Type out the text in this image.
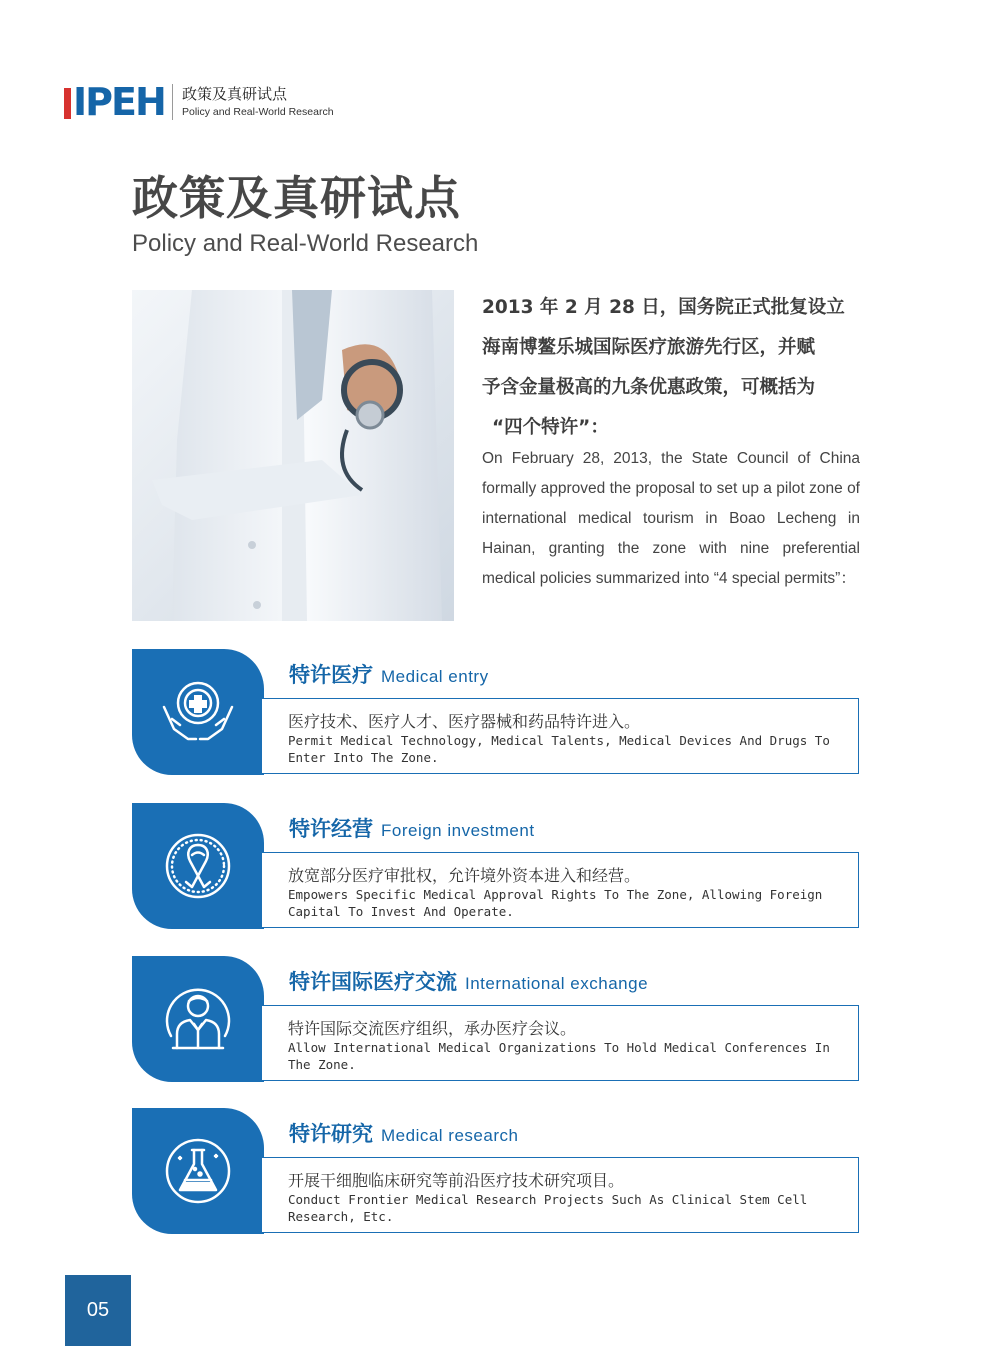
IPEH 政策及真研试点
Policy and Real-World Research
政策及真研试点
Policy and Real-World Research
2013 年 2 月 28 日，国务院正式批复设立
海南博鳌乐城国际医疗旅游先行区，并赋
予含金量极高的九条优惠政策，可概括为
“四个特许”：
On February 28, 2013, the State Council of China formally approved the proposal to set up a pilot zone of international medical tourism in Boao Lecheng in Hainan, granting the zone with nine preferential medical policies summarized into “4 special permits”：
特许医疗 Medical entry
医疗技术、医疗人才、医疗器械和药品特许进入。
Permit Medical Technology, Medical Talents, Medical Devices And Drugs To Enter Into The Zone.
特许经营 Foreign investment
放宽部分医疗审批权，允许境外资本进入和经营。
Empowers Specific Medical Approval Rights To The Zone, Allowing Foreign Capital To Invest And Operate.
特许国际医疗交流 International exchange
特许国际交流医疗组织，承办医疗会议。
Allow International Medical Organizations To Hold Medical Conferences In The Zone.
特许研究 Medical research
开展干细胞临床研究等前沿医疗技术研究项目。
Conduct Frontier Medical Research Projects Such As Clinical Stem Cell Research, Etc.
05
